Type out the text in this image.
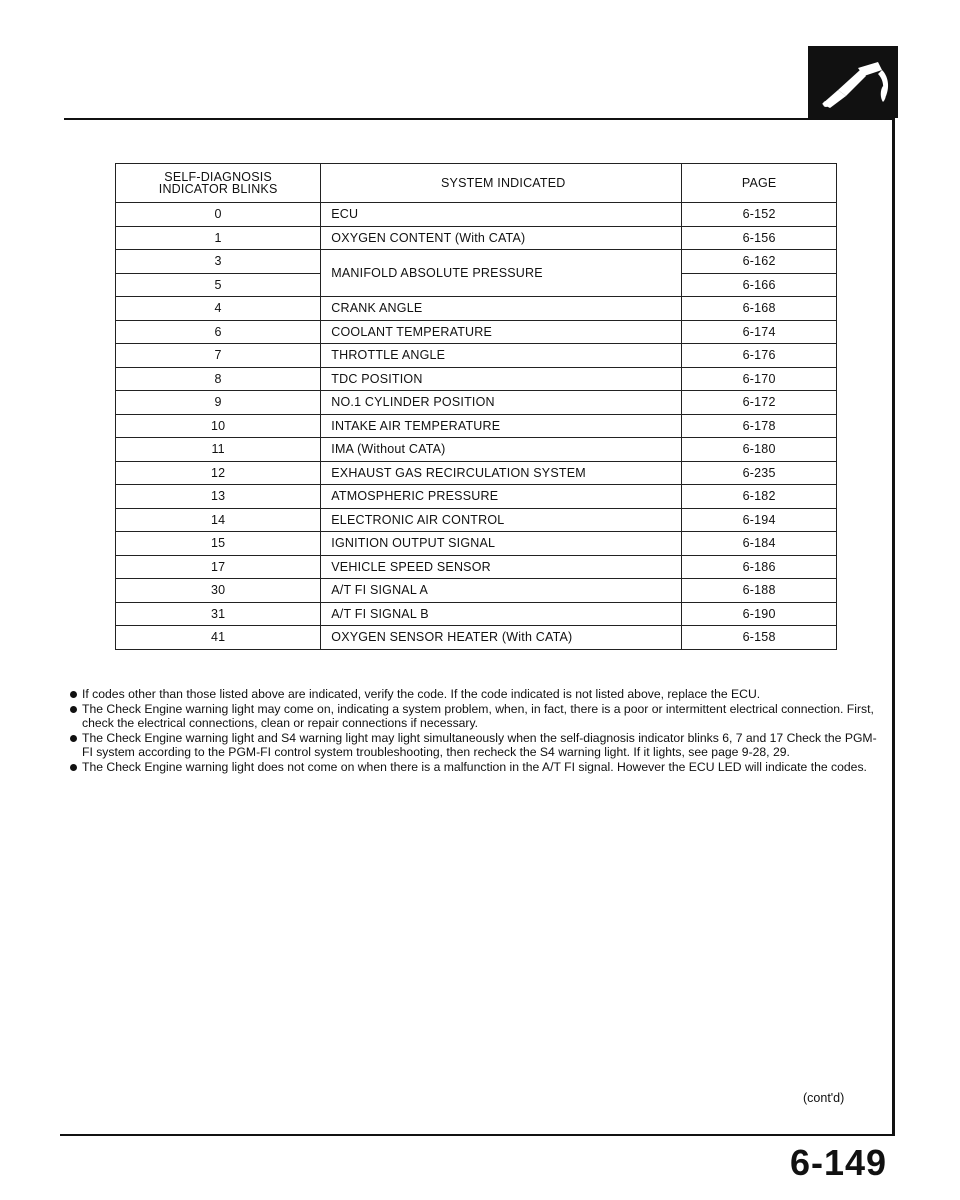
SELF-DIAGNOSIS
INDICATOR BLINKS	SYSTEM INDICATED	PAGE
0	ECU	6-152
1	OXYGEN CONTENT (With CATA)	6-156
3	MANIFOLD ABSOLUTE PRESSURE	6-162
5		6-166
4	CRANK ANGLE	6-168
6	COOLANT TEMPERATURE	6-174
7	THROTTLE ANGLE	6-176
8	TDC POSITION	6-170
9	NO.1 CYLINDER POSITION	6-172
10	INTAKE AIR TEMPERATURE	6-178
11	IMA (Without CATA)	6-180
12	EXHAUST GAS RECIRCULATION SYSTEM	6-235
13	ATMOSPHERIC PRESSURE	6-182
14	ELECTRONIC AIR CONTROL	6-194
15	IGNITION OUTPUT SIGNAL	6-184
17	VEHICLE SPEED SENSOR	6-186
30	A/T FI SIGNAL A	6-188
31	A/T FI SIGNAL B	6-190
41	OXYGEN SENSOR HEATER (With CATA)	6-158
If codes other than those listed above are indicated, verify the code. If the code indicated is not listed above, replace the ECU.
The Check Engine warning light may come on, indicating a system problem, when, in fact, there is a poor or intermittent electrical connection. First, check the electrical connections, clean or repair connections if necessary.
The Check Engine warning light and S4 warning light may light simultaneously when the self-diagnosis indicator blinks 6, 7 and 17 Check the PGM-FI system according to the PGM-FI control system troubleshooting, then recheck the S4 warning light. If it lights, see page 9-28, 29.
The Check Engine warning light does not come on when there is a malfunction in the A/T FI signal. However the ECU LED will indicate the codes.
(cont'd)
6-149
